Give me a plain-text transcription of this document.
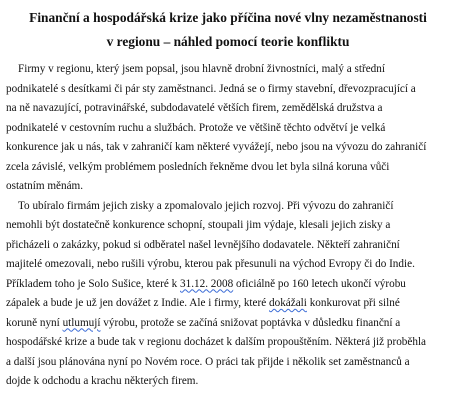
Finanční a hospodářská krize jako příčina nové vlny nezaměstnanosti
v regionu – náhled pomocí teorie konfliktu
Firmy v regionu, který jsem popsal, jsou hlavně drobní živnostníci, malý a střední
podnikatelé s desítkami či pár sty zaměstnanci. Jedná se o firmy stavební, dřevozpracující a
na ně navazující, potravinářské, subdodavatelé větších firem, zemědělská družstva a
podnikatelé v cestovním ruchu a službách. Protože ve většině těchto odvětví je velká
konkurence jak u nás, tak v zahraničí kam některé vyvážejí, nebo jsou na vývozu do zahraničí
zcela závislé, velkým problémem posledních řekněme dvou let byla silná koruna vůči
ostatním měnám.
To ubíralo firmám jejich zisky a zpomalovalo jejich rozvoj. Při vývozu do zahraničí
nemohli být dostatečně konkurence schopní, stoupali jim výdaje, klesali jejich zisky a
přicházeli o zakázky, pokud si odběratel našel levnějšího dodavatele. Někteří zahraniční
majitelé omezovali, nebo rušili výrobu, kterou pak přesunuli na východ Evropy či do Indie.
Příkladem toho je Solo Sušice, které k 31.12. 2008 oficiálně po 160 letech ukončí výrobu
zápalek a bude je už jen dovážet z Indie. Ale i firmy, které dokážali konkurovat při silné
koruně nyní utlumují výrobu, protože se začíná snižovat poptávka v důsledku finanční a
hospodářské krize a bude tak v regionu docházet k dalším propouštěním. Některá již proběhla
a další jsou plánována nyní po Novém roce. O práci tak přijde i několik set zaměstnanců a
dojde k odchodu a krachu některých firem.
